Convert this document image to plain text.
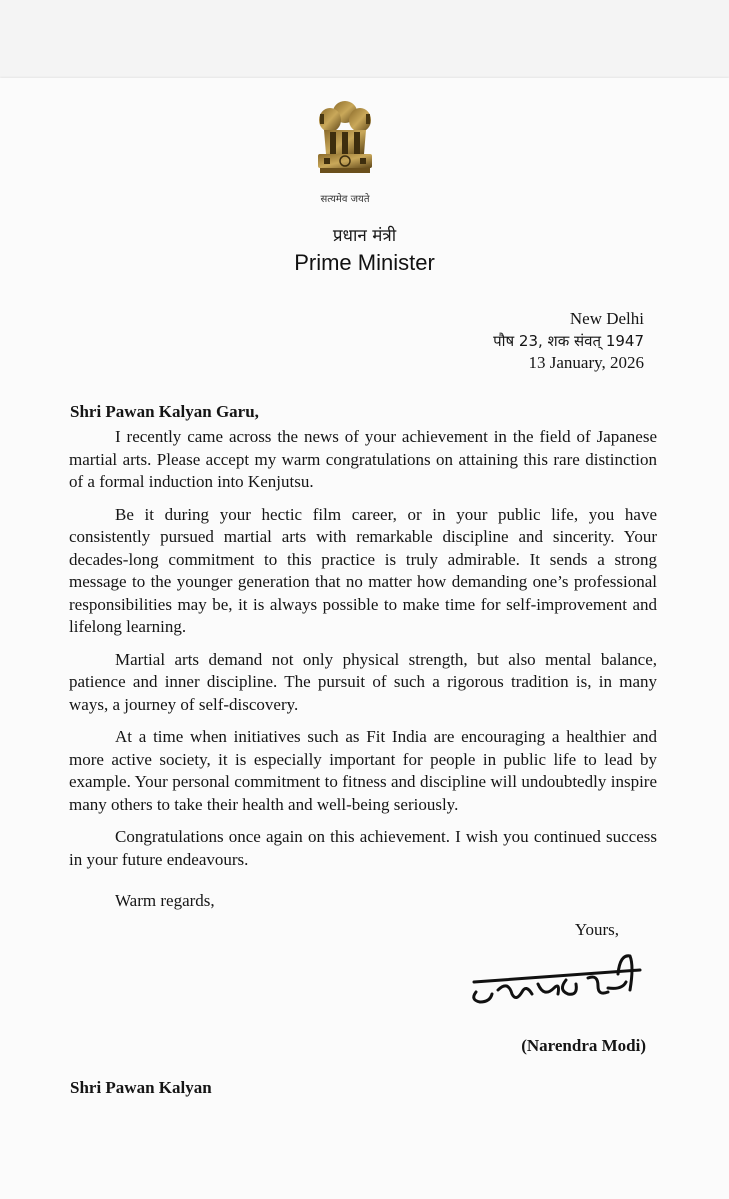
सत्यमेव जयते
प्रधान मंत्री
Prime Minister
New Delhi
पौष 23, शक संवत् 1947
13 January, 2026
Shri Pawan Kalyan Garu,

I recently came across the news of your achievement in the field of Japanese martial arts. Please accept my warm congratulations on attaining this rare distinction of a formal induction into Kenjutsu.

Be it during your hectic film career, or in your public life, you have consistently pursued martial arts with remarkable discipline and sincerity. Your decades-long commitment to this practice is truly admirable. It sends a strong message to the younger generation that no matter how demanding one’s professional responsibilities may be, it is always possible to make time for self-improvement and lifelong learning.

Martial arts demand not only physical strength, but also mental balance, patience and inner discipline. The pursuit of such a rigorous tradition is, in many ways, a journey of self-discovery.

At a time when initiatives such as Fit India are encouraging a healthier and more active society, it is especially important for people in public life to lead by example. Your personal commitment to fitness and discipline will undoubtedly inspire many others to take their health and well-being seriously.

Congratulations once again on this achievement. I wish you continued success in your future endeavours.

Warm regards,
Yours,
(Narendra Modi)
Shri Pawan Kalyan
